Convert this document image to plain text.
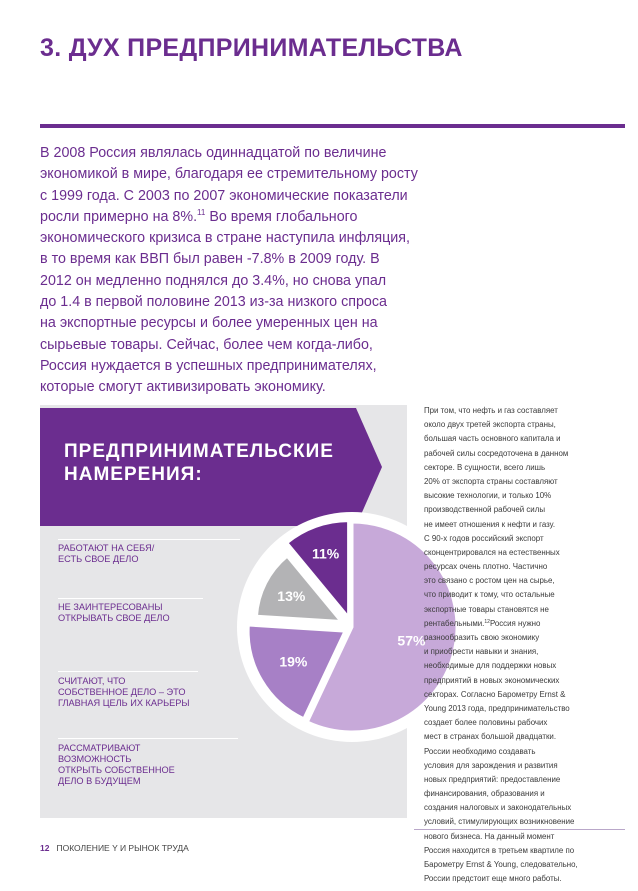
3. ДУХ ПРЕДПРИНИМАТЕЛЬСТВА
В 2008 Россия являлась одиннадцатой по величине
экономикой в мире, благодаря ее стремительному росту
с 1999 года. С 2003 по 2007 экономические показатели
росли примерно на 8%.$^{11}$ Во время глобального
экономического кризиса в стране наступила инфляция,
в то время как ВВП был равен -7.8% в 2009 году. В
2012 он медленно поднялся до 3.4%, но снова упал
до 1.4 в первой половине 2013 из-за низкого спроса
на экспортные ресурсы и более умеренных цен на
сырьевые товары. Сейчас, более чем когда-либо,
Россия нуждается в успешных предпринимателях,
которые смогут активизировать экономику.
ПРЕДПРИНИМАТЕЛЬСКИЕ
НАМЕРЕНИЯ:
РАБОТАЮТ НА СЕБЯ/
ЕСТЬ СВОЕ ДЕЛО
НЕ ЗАИНТЕРЕСОВАНЫ
ОТКРЫВАТЬ СВОЕ ДЕЛО
СЧИТАЮТ, ЧТО
СОБСТВЕННОЕ ДЕЛО – ЭТО
ГЛАВНАЯ ЦЕЛЬ ИХ КАРЬЕРЫ
РАССМАТРИВАЮТ
ВОЗМОЖНОСТЬ
ОТКРЫТЬ СОБСТВЕННОЕ
ДЕЛО В БУДУЩЕМ
57%
19%
13%
11%
При том, что нефть и газ составляет
около двух третей экспорта страны,
большая часть основного капитала и
рабочей силы сосредоточена в данном
секторе. В сущности, всего лишь
20% от экспорта страны составляют
высокие технологии, и только 10%
производственной рабочей силы
не имеет отношения к нефти и газу.
С 90-х годов российский экспорт
сконцентрировался на естественных
ресурсах очень плотно. Частично
это связано с ростом цен на сырье,
что приводит к тому, что остальные
экспортные товары становятся не
рентабельными.$^{12}$Россия нужно
разнообразить свою экономику
и приобрести навыки и знания,
необходимые для поддержки новых
предприятий в новых экономических
секторах. Согласно Барометру Ernst &
Young 2013 года, предпринимательство
создает более половины рабочих
мест в странах большой двадцатки.
России необходимо создавать
условия для зарождения и развития
новых предприятий: предоставление
финансирования, образования и
создания налоговых и законодательных
условий, стимулирующих возникновение
нового бизнеса. На данный момент
Россия находится в третьем квартиле по
Барометру Ernst & Young, следовательно,
России предстоит еще много работы.
12 ПОКОЛЕНИЕ Y И РЫНОК ТРУДА
